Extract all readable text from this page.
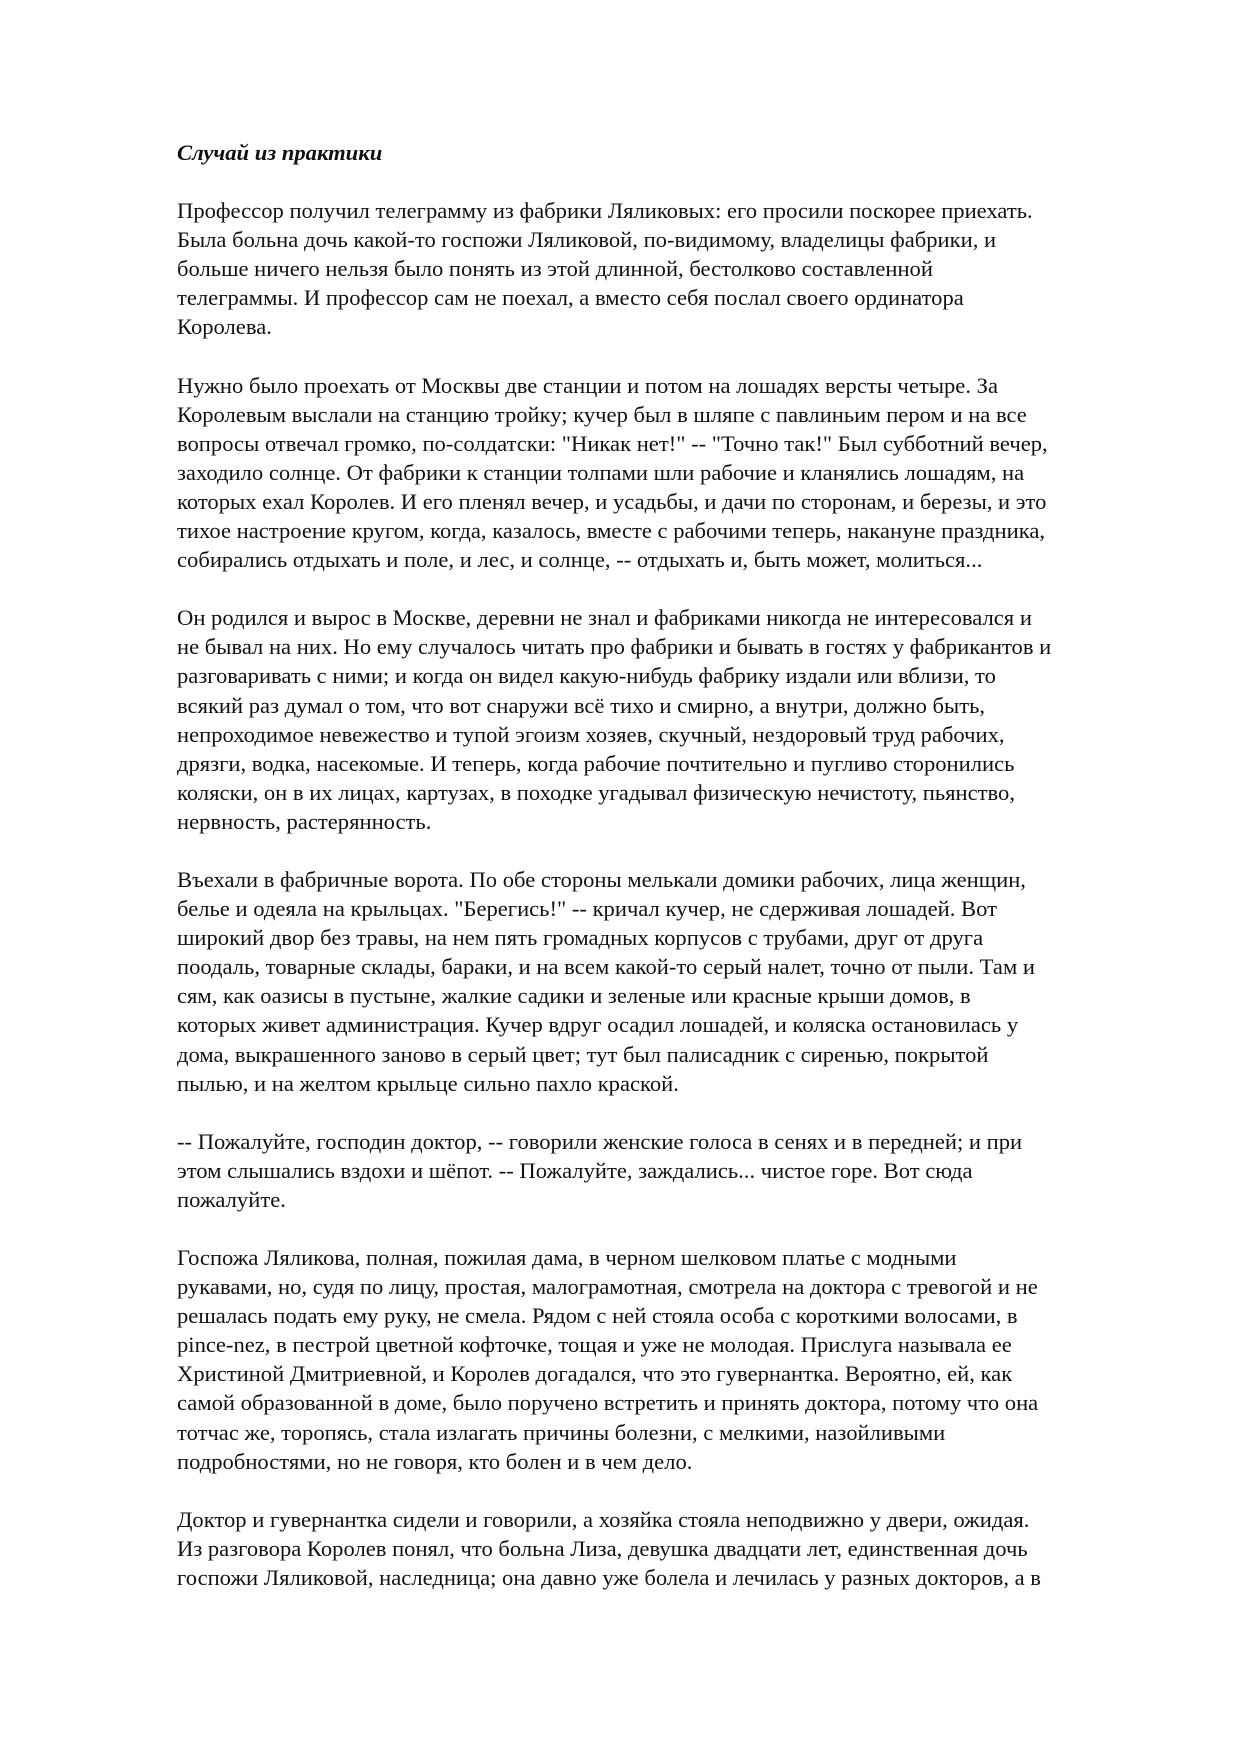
Случай из практики
Профессор получил телеграмму из фабрики Ляликовых: его просили поскорее приехать.
Была больна дочь какой-то госпожи Ляликовой, по-видимому, владелицы фабрики, и
больше ничего нельзя было понять из этой длинной, бестолково составленной
телеграммы. И профессор сам не поехал, а вместо себя послал своего ординатора
Королева.
Нужно было проехать от Москвы две станции и потом на лошадях версты четыре. За
Королевым выслали на станцию тройку; кучер был в шляпе с павлиньим пером и на все
вопросы отвечал громко, по-солдатски: "Никак нет!" -- "Точно так!" Был субботний вечер,
заходило солнце. От фабрики к станции толпами шли рабочие и кланялись лошадям, на
которых ехал Королев. И его пленял вечер, и усадьбы, и дачи по сторонам, и березы, и это
тихое настроение кругом, когда, казалось, вместе с рабочими теперь, накануне праздника,
собирались отдыхать и поле, и лес, и солнце, -- отдыхать и, быть может, молиться...
Он родился и вырос в Москве, деревни не знал и фабриками никогда не интересовался и
не бывал на них. Но ему случалось читать про фабрики и бывать в гостях у фабрикантов и
разговаривать с ними; и когда он видел какую-нибудь фабрику издали или вблизи, то
всякий раз думал о том, что вот снаружи всё тихо и смирно, а внутри, должно быть,
непроходимое невежество и тупой эгоизм хозяев, скучный, нездоровый труд рабочих,
дрязги, водка, насекомые. И теперь, когда рабочие почтительно и пугливо сторонились
коляски, он в их лицах, картузах, в походке угадывал физическую нечистоту, пьянство,
нервность, растерянность.
Въехали в фабричные ворота. По обе стороны мелькали домики рабочих, лица женщин,
белье и одеяла на крыльцах. "Берегись!" -- кричал кучер, не сдерживая лошадей. Вот
широкий двор без травы, на нем пять громадных корпусов с трубами, друг от друга
поодаль, товарные склады, бараки, и на всем какой-то серый налет, точно от пыли. Там и
сям, как оазисы в пустыне, жалкие садики и зеленые или красные крыши домов, в
которых живет администрация. Кучер вдруг осадил лошадей, и коляска остановилась у
дома, выкрашенного заново в серый цвет; тут был палисадник с сиренью, покрытой
пылью, и на желтом крыльце сильно пахло краской.
-- Пожалуйте, господин доктор, -- говорили женские голоса в сенях и в передней; и при
этом слышались вздохи и шёпот. -- Пожалуйте, заждались... чистое горе. Вот сюда
пожалуйте.
Госпожа Ляликова, полная, пожилая дама, в черном шелковом платье с модными
рукавами, но, судя по лицу, простая, малограмотная, смотрела на доктора с тревогой и не
решалась подать ему руку, не смела. Рядом с ней стояла особа с короткими волосами, в
pince-nez, в пестрой цветной кофточке, тощая и уже не молодая. Прислуга называла ее
Христиной Дмитриевной, и Королев догадался, что это гувернантка. Вероятно, ей, как
самой образованной в доме, было поручено встретить и принять доктора, потому что она
тотчас же, торопясь, стала излагать причины болезни, с мелкими, назойливыми
подробностями, но не говоря, кто болен и в чем дело.
Доктор и гувернантка сидели и говорили, а хозяйка стояла неподвижно у двери, ожидая.
Из разговора Королев понял, что больна Лиза, девушка двадцати лет, единственная дочь
госпожи Ляликовой, наследница; она давно уже болела и лечилась у разных докторов, а в
